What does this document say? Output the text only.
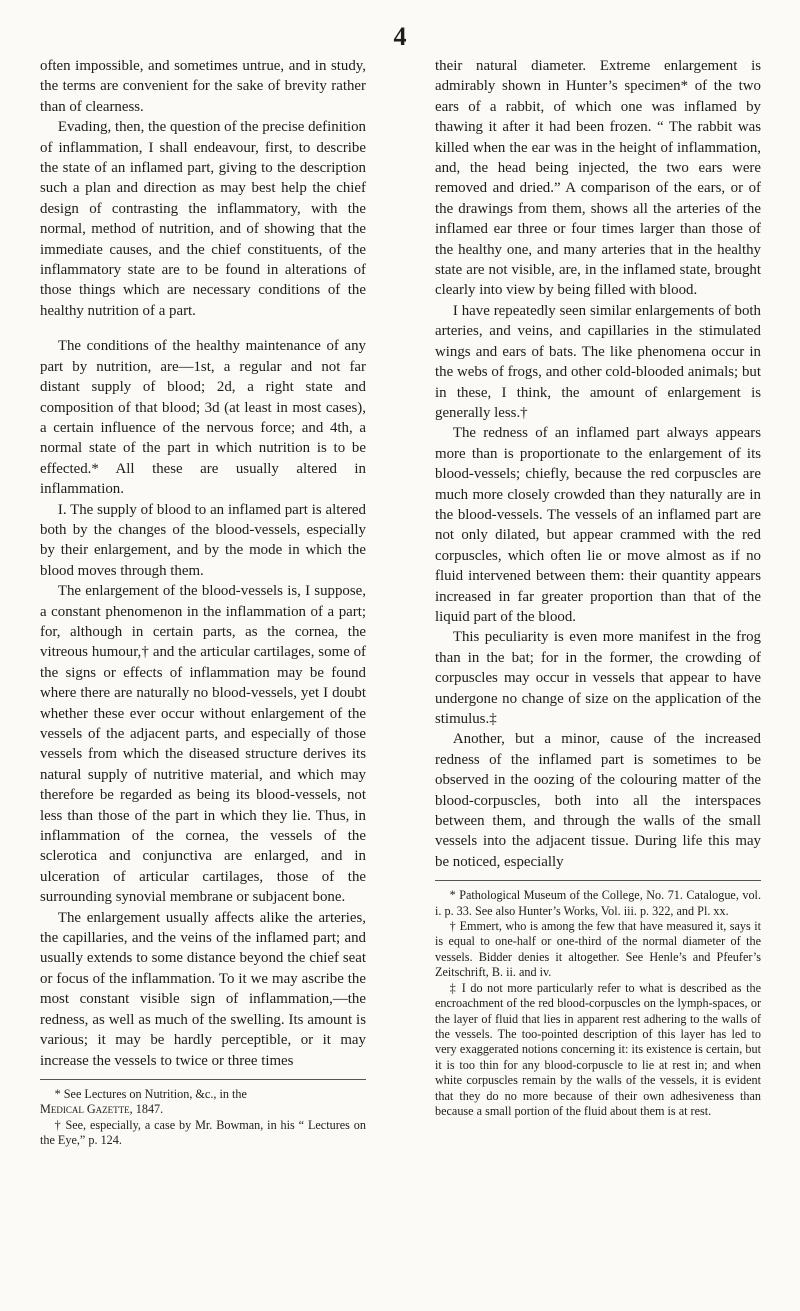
4

often impossible, and sometimes untrue, and in study, the terms are convenient for the sake of brevity rather than of clearness.

Evading, then, the question of the precise definition of inflammation, I shall endeavour, first, to describe the state of an inflamed part, giving to the description such a plan and direction as may best help the chief design of contrasting the inflammatory, with the normal, method of nutrition, and of showing that the immediate causes, and the chief constituents, of the inflammatory state are to be found in alterations of those things which are necessary conditions of the healthy nutrition of a part.

The conditions of the healthy maintenance of any part by nutrition, are—1st, a regular and not far distant supply of blood; 2d, a right state and composition of that blood; 3d (at least in most cases), a certain influence of the nervous force; and 4th, a normal state of the part in which nutrition is to be effected.* All these are usually altered in inflammation.

I. The supply of blood to an inflamed part is altered both by the changes of the blood-vessels, especially by their enlargement, and by the mode in which the blood moves through them.

The enlargement of the blood-vessels is, I suppose, a constant phenomenon in the inflammation of a part; for, although in certain parts, as the cornea, the vitreous humour,† and the articular cartilages, some of the signs or effects of inflammation may be found where there are naturally no blood-vessels, yet I doubt whether these ever occur without enlargement of the vessels of the adjacent parts, and especially of those vessels from which the diseased structure derives its natural supply of nutritive material, and which may therefore be regarded as being its blood-vessels, not less than those of the part in which they lie. Thus, in inflammation of the cornea, the vessels of the sclerotica and conjunctiva are enlarged, and in ulceration of articular cartilages, those of the surrounding synovial membrane or subjacent bone.

The enlargement usually affects alike the arteries, the capillaries, and the veins of the inflamed part; and usually extends to some distance beyond the chief seat or focus of the inflammation. To it we may ascribe the most constant visible sign of inflammation,—the redness, as well as much of the swelling. Its amount is various; it may be hardly perceptible, or it may increase the vessels to twice or three times

* See Lectures on Nutrition, &c., in the
Medical Gazette, 1847.

† See, especially, a case by Mr. Bowman, in his “ Lectures on the Eye,” p. 124.

their natural diameter. Extreme enlargement is admirably shown in Hunter’s specimen* of the two ears of a rabbit, of which one was inflamed by thawing it after it had been frozen. “ The rabbit was killed when the ear was in the height of inflammation, and, the head being injected, the two ears were removed and dried.” A comparison of the ears, or of the drawings from them, shows all the arteries of the inflamed ear three or four times larger than those of the healthy one, and many arteries that in the healthy state are not visible, are, in the inflamed state, brought clearly into view by being filled with blood.

I have repeatedly seen similar enlargements of both arteries, and veins, and capillaries in the stimulated wings and ears of bats. The like phenomena occur in the webs of frogs, and other cold-blooded animals; but in these, I think, the amount of enlargement is generally less.†

The redness of an inflamed part always appears more than is proportionate to the enlargement of its blood-vessels; chiefly, because the red corpuscles are much more closely crowded than they naturally are in the blood-vessels. The vessels of an inflamed part are not only dilated, but appear crammed with the red corpuscles, which often lie or move almost as if no fluid intervened between them: their quantity appears increased in far greater proportion than that of the liquid part of the blood.

This peculiarity is even more manifest in the frog than in the bat; for in the former, the crowding of corpuscles may occur in vessels that appear to have undergone no change of size on the application of the stimulus.‡

Another, but a minor, cause of the increased redness of the inflamed part is sometimes to be observed in the oozing of the colouring matter of the blood-corpuscles, both into all the interspaces between them, and through the walls of the small vessels into the adjacent tissue. During life this may be noticed, especially

* Pathological Museum of the College, No. 71. Catalogue, vol. i. p. 33. See also Hunter’s Works, Vol. iii. p. 322, and Pl. xx.

† Emmert, who is among the few that have measured it, says it is equal to one-half or one-third of the normal diameter of the vessels. Bidder denies it altogether. See Henle’s and Pfeufer’s Zeitschrift, B. ii. and iv.

‡ I do not more particularly refer to what is described as the encroachment of the red blood-corpuscles on the lymph-spaces, or the layer of fluid that lies in apparent rest adhering to the walls of the vessels. The too-pointed description of this layer has led to very exaggerated notions concerning it: its existence is certain, but it is too thin for any blood-corpuscle to lie at rest in; and when white corpuscles remain by the walls of the vessels, it is evident that they do no more because of their own adhesiveness than because a small portion of the fluid about them is at rest.
